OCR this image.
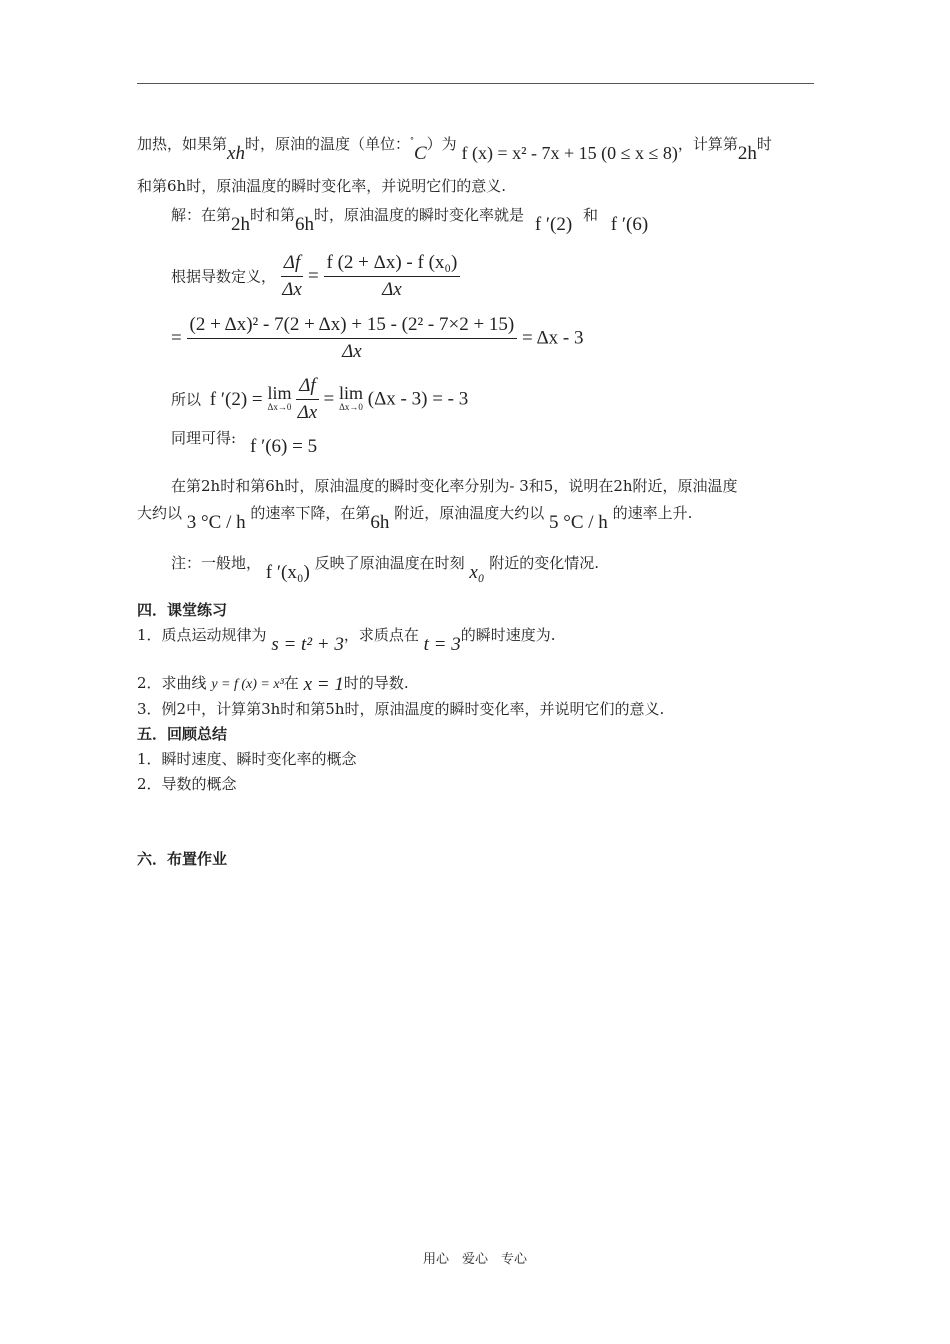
加热，如果第xh时，原油的温度（单位：°C）为 f (x) = x² - 7x + 15 (0 ≤ x ≤ 8)，计算第2h时
和第6h时，原油温度的瞬时变化率，并说明它们的意义.
解：在第2h时和第6h时，原油温度的瞬时变化率就是 f ′(2) 和 f ′(6)
根据导数定义， $\frac{\Delta f}{\Delta x} = \frac{\text{f (2 + Δx) - f (x₀)}}{\Delta x}$
= $\frac{\text{(2 + Δx)² - 7(2 + Δx) + 15 - (2² - 7×2 + 15)}}{\Delta x} = \Delta x - 3$
所以 f ′(2) = lim
Δx→0
$\frac{\Delta f}{\Delta x} = \lim$
Δx→0 (Δx - 3) = - 3
同理可得: f ′(6) = 5
在第2h时和第6h时，原油温度的瞬时变化率分别为- 3和5，说明在2h附近，原油温度
大约以 3 °C / h 的速率下降，在第6h 附近，原油温度大约以 5 °C / h 的速率上升.
注：一般地， f ′(x₀) 反映了原油温度在时刻 x₀ 附近的变化情况.
四．课堂练习
1．质点运动规律为 s = t² + 3，求质点在 t = 3的瞬时速度为.
2．求曲线 y = f (x) = x³在 x = 1时的导数.
3．例2中，计算第3h时和第5h时，原油温度的瞬时变化率，并说明它们的意义.
五．回顾总结
1．瞬时速度、瞬时变化率的概念
2．导数的概念
六．布置作业
用心　爱心　专心
